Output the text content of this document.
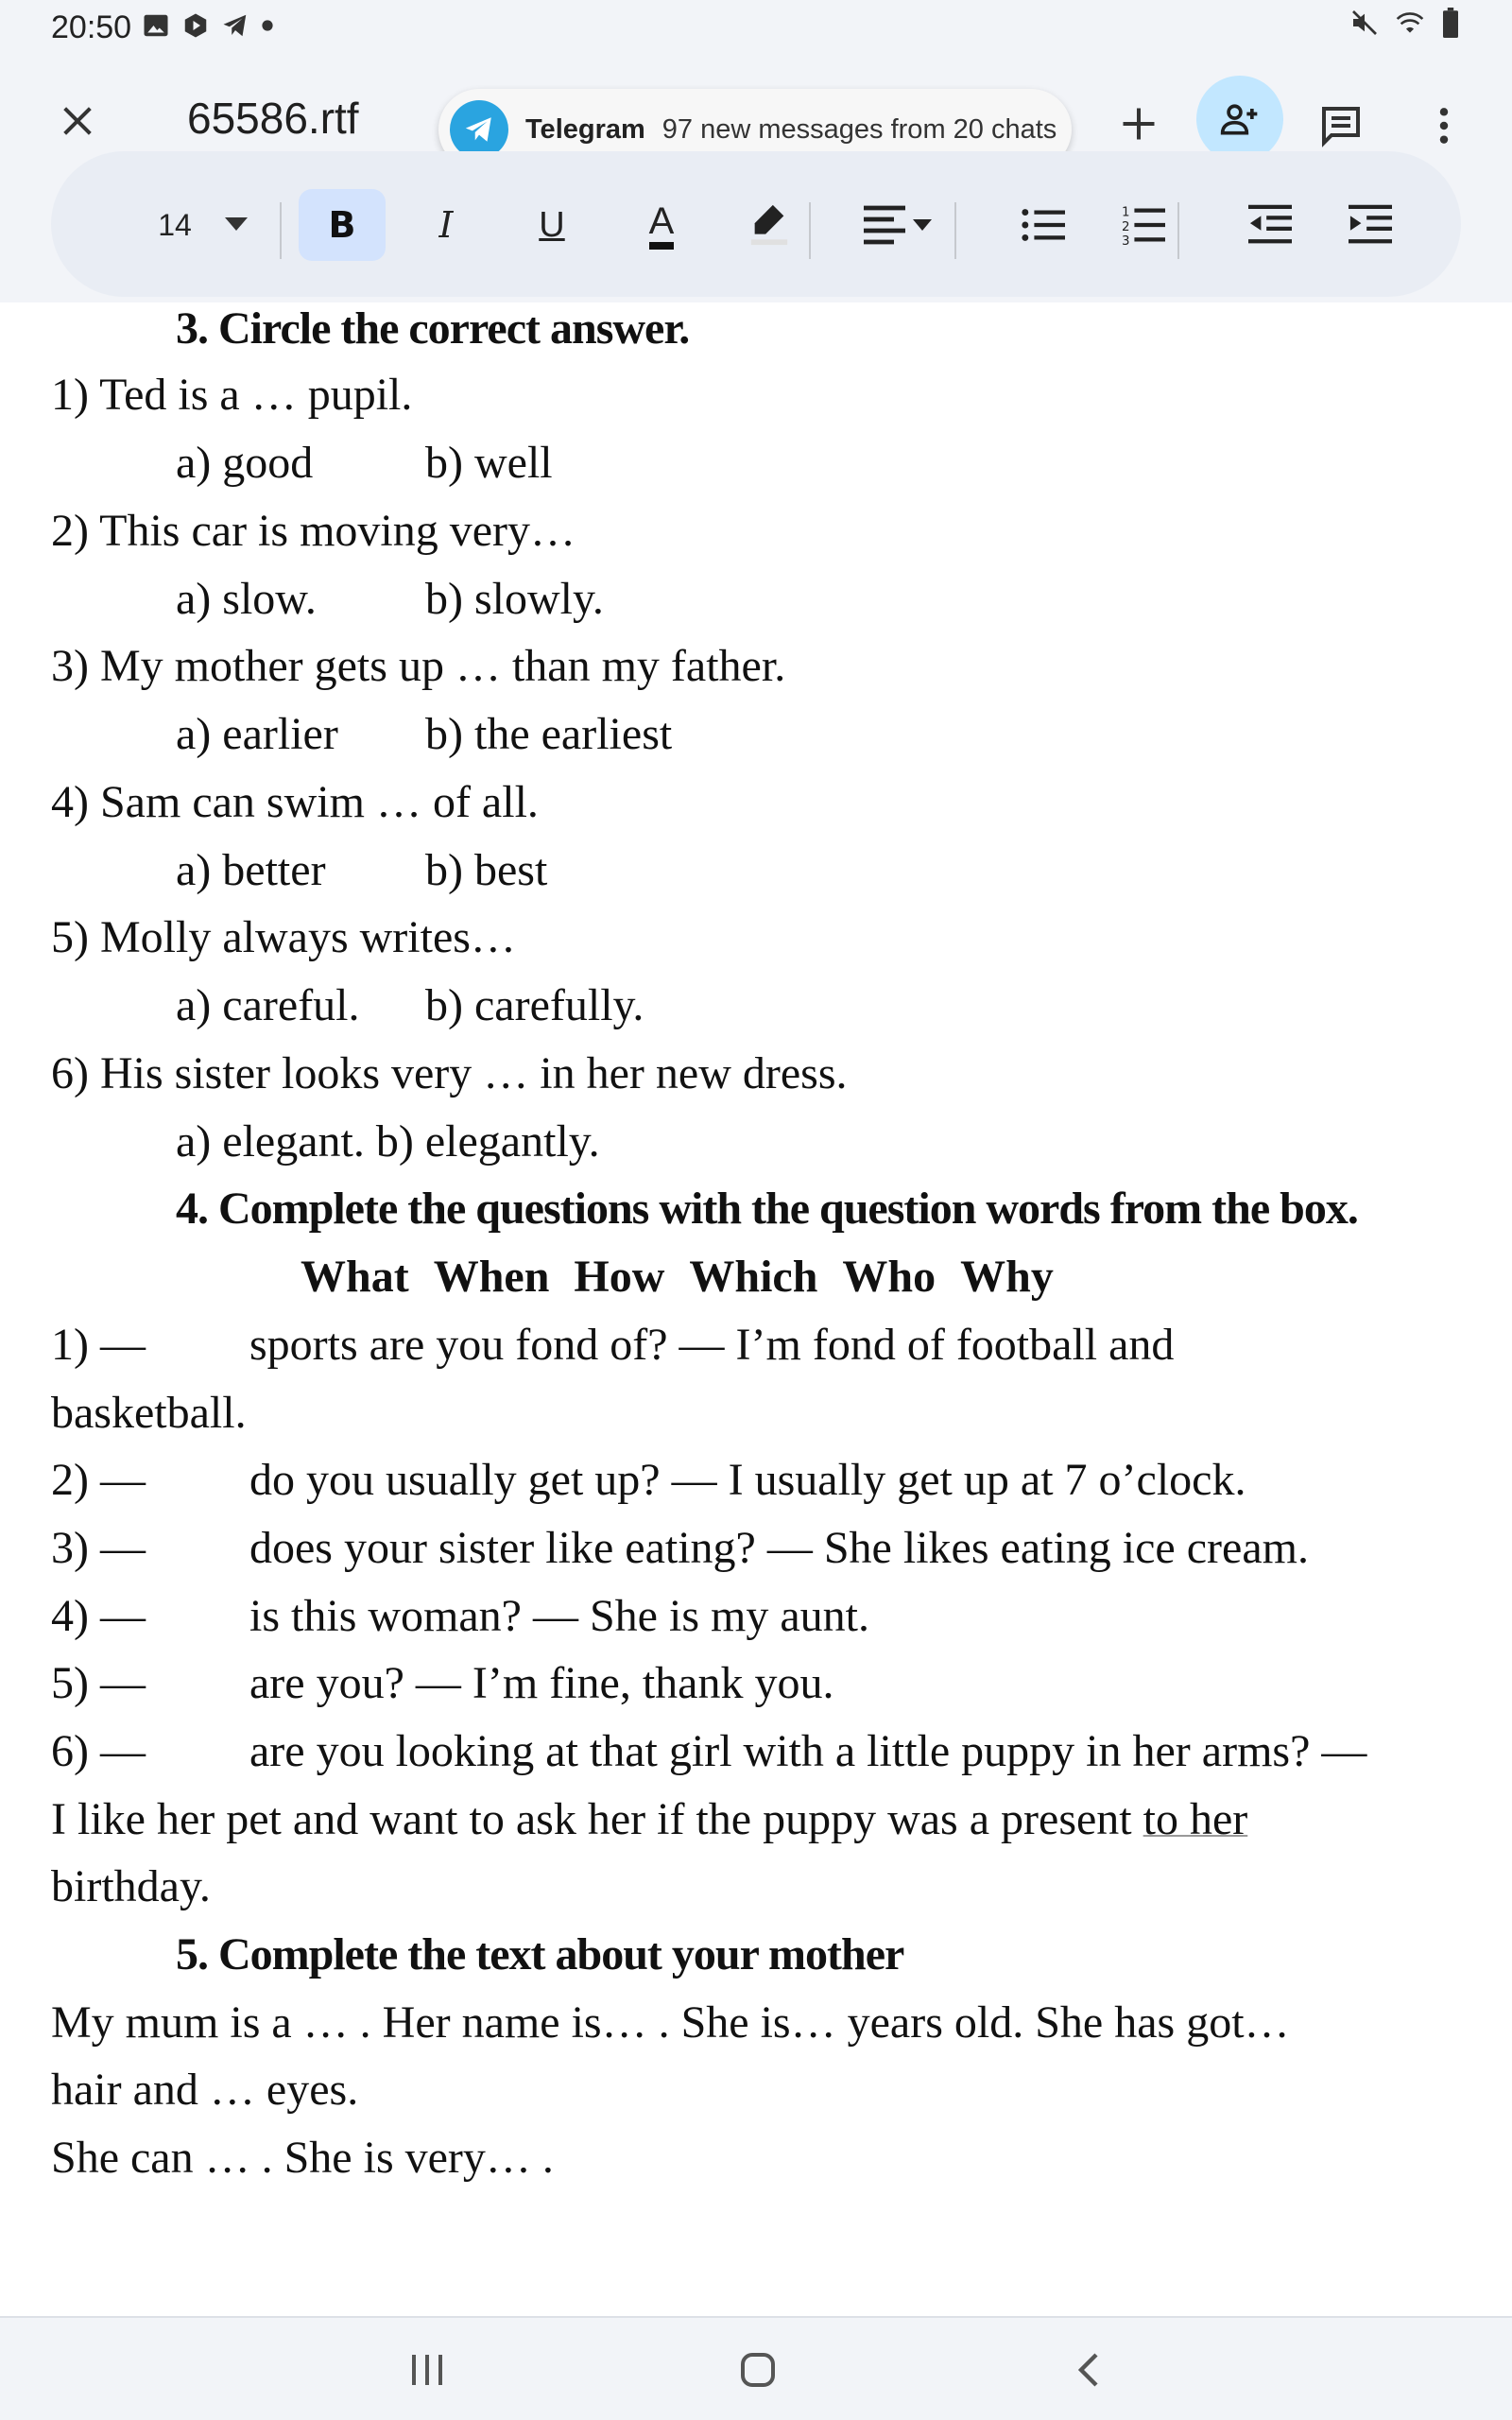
20:50
65586.rtf	Telegram 97 new messages from 20 chats
14	B I U A	1
2
3
3. Circle the correct answer.
1) Ted is a … pupil.
a) good b) well
2) This car is moving very…
a) slow. b) slowly.
3) My mother gets up … than my father.
a) earlier b) the earliest
4) Sam can swim … of all.
a) better b) best
5) Molly always writes…
a) careful. b) carefully.
6) His sister looks very … in her new dress.
a) elegant. b) elegantly.
4. Complete the questions with the question words from the box.
What When How Which Who Why
1) — sports are you fond of? — I’m fond of football and
basketball.
2) — do you usually get up? — I usually get up at 7 o’clock.
3) — does your sister like eating? — She likes eating ice cream.
4) — is this woman? — She is my aunt.
5) — are you? — I’m fine, thank you.
6) — are you looking at that girl with a little puppy in her arms? —
I like her pet and want to ask her if the puppy was a present to her
birthday.
5. Complete the text about your mother
My mum is a … . Her name is… . She is… years old. She has got…
hair and … eyes.
She can … . She is very… .
